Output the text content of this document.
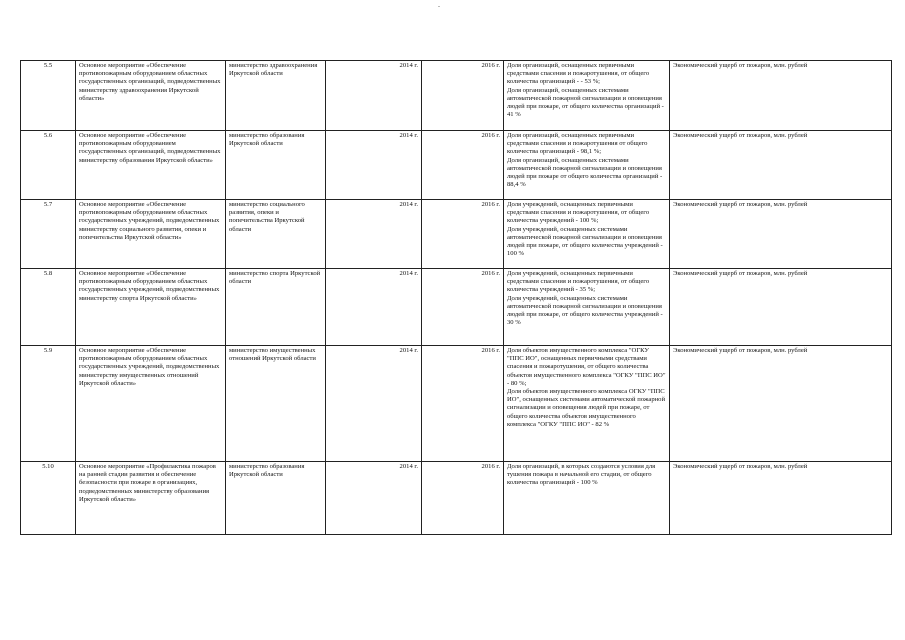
5.5	Основное мероприятие «Обеспечение противопожарным оборудованием областных государственных организаций, подведомственных министерству здравоохранения Иркутской области»	министерство здравоохранения Иркутской области	2014 г.	2016 г.	Доля организаций, оснащенных первичными средствами спасения и пожаротушения, от общего количества организаций - - 53 %;
Доля организаций, оснащенных системами автоматической пожарной сигнализации и оповещения людей при пожаре, от общего количества организаций - 41 %	Экономический ущерб от пожаров, млн. рублей
5.6	Основное мероприятие «Обеспечение противопожарным оборудованием государственных организаций, подведомственных министерству образования Иркутской области»	министерство образования Иркутской области	2014 г.	2016 г.	Доля организаций, оснащенных первичными средствами спасения и пожаротушения от общего количества организаций - 98,1 %;
Доля организаций, оснащенных системами автоматической пожарной сигнализации и оповещения людей при пожаре от общего количества организаций - 88,4 %	Экономический ущерб от пожаров, млн. рублей
5.7	Основное мероприятие «Обеспечение противопожарным оборудованием областных государственных учреждений, подведомственных министерству социального развития, опеки и попечительства Иркутской области»	министерство социального развития, опеки и попечительства Иркутской области	2014 г.	2016 г.	Доля учреждений, оснащенных первичными средствами спасения и пожаротушения, от общего количества учреждений - 100 %;
Доля учреждений, оснащенных системами автоматической пожарной сигнализации и оповещения людей при пожаре, от общего количества учреждений - 100 %	Экономический ущерб от пожаров, млн. рублей
5.8	Основное мероприятие «Обеспечение противопожарным оборудованием областных государственных учреждений, подведомственных министерству спорта Иркутской области»	министерство спорта Иркутской области	2014 г.	2016 г.	Доля учреждений, оснащенных первичными средствами спасения и пожаротушения, от общего количества учреждений - 35 %;
Доля учреждений, оснащенных системами автоматической пожарной сигнализации и оповещения людей при пожаре, от общего количества учреждений - 30 %	Экономический ущерб от пожаров, млн. рублей
5.9	Основное мероприятие «Обеспечение противопожарным оборудованием областных государственных учреждений, подведомственных министерству имущественных отношений Иркутской области»	министерство имущественных отношений Иркутской области	2014 г.	2016 г.	Доля объектов имущественного комплекса "ОГКУ "ППС ИО", оснащенных первичными средствами спасения и пожаротушения, от общего количества объектов имущественного комплекса "ОГКУ "ППС ИО" - 80 %;
Доля объектов имущественного комплекса ОГКУ "ППС ИО", оснащенных системами автоматической пожарной сигнализации и оповещения людей при пожаре, от общего количества объектов имущественного комплекса "ОГКУ "ППС ИО" - 82 %	Экономический ущерб от пожаров, млн. рублей
5.10	Основное мероприятие «Профилактика пожаров на ранней стадии развития и обеспечение безопасности при пожаре в организациях, подведомственных министерству образования Иркутской области»	министерство образования Иркутской области	2014 г.	2016 г.	Доля организаций, в которых создаются условия для тушения пожара в начальной его стадии, от общего количества организаций - 100 %	Экономический ущерб от пожаров, млн. рублей
